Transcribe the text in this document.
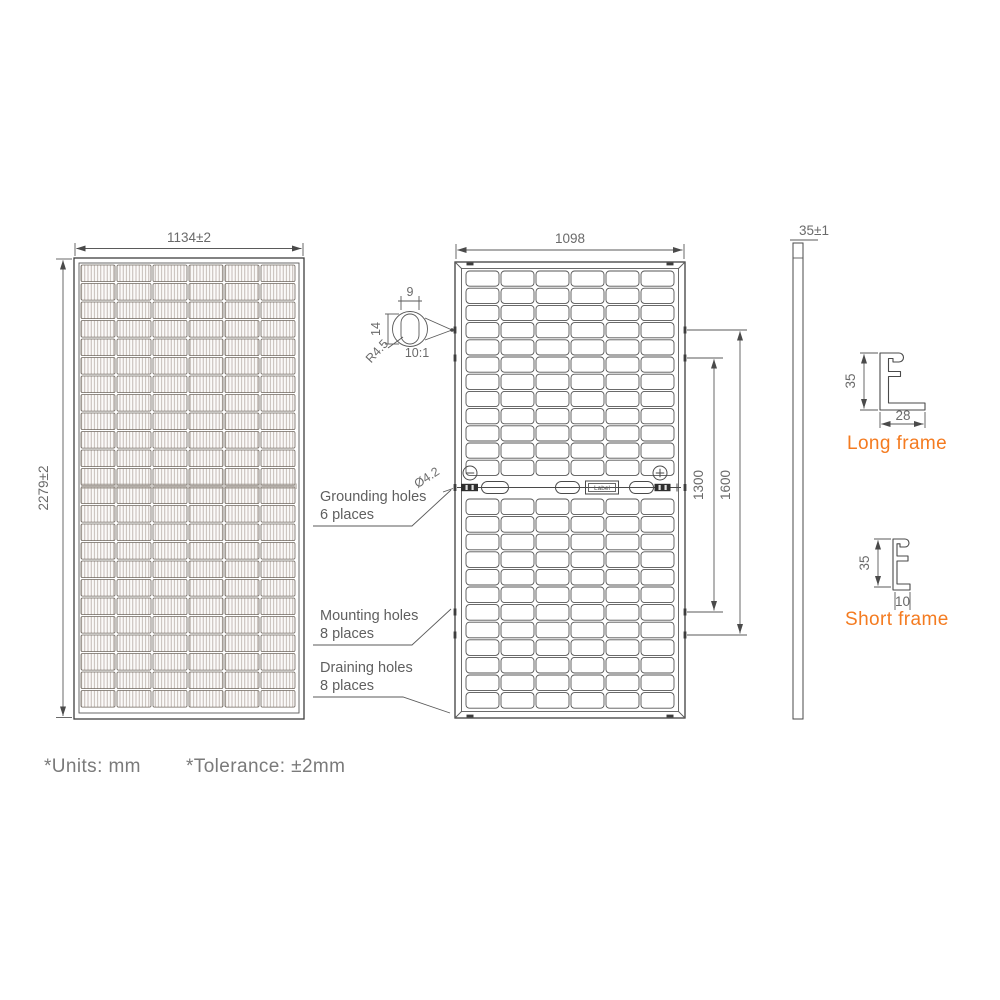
1134±2
2279±2	Label
Ø4.2
1098
1300 1600
9
14
R4.5 10:1
Grounding holes
6 places
Mounting holes
8 places
Draining holes
8 places
35±1
35
28
Long frame
35
10
Short frame
*Units: mm *Tolerance: ±2mm
